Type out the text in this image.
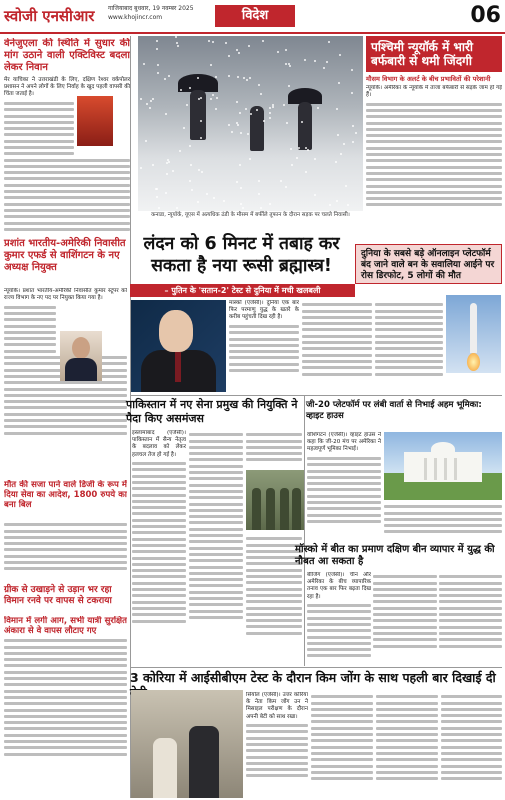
स्वोजी एनसीआर गाजियाबाद बुधवार, 19 नवम्बर 2025
www.khojincr.com	विदेश	06
वेनेजुएला की स्थिति में सुधार की मांग उठाने वाली एक्टिविस्ट बदला लेकर निवान
मेर याचिका ने उत्तराखंडी के लिए, दक्षिण रेश्वर वर्कपोलर प्रशासन ने अपने लोगों के लिए निर्वाह के खुद पहली वापसी की चिंता जताई है।
प्रशांत भारतीय-अमेरिकी निवासीत कुमार एफर्ड से वाशिंगटन के नए अध्यक्ष नियुक्त
न्यूयॉर्क। प्रशांत भारतीय-अमेरिकी निवासीत कुमार स्टूपर को राज्य विभाग के नए पद पर नियुक्त किया गया है।
मौत की सजा पाने वाले डिजी के रूप में दिया सेवा का आदेश, 1800 रुपये का बना बिल
ग्रीक से उखाड़ने से उड़ान भर रहा विमान रनवे पर वापस से टकराया
विमान में लगी आग, सभी यात्री सुरक्षित अंकारा से वे वापस लौटाए गए
कनाडा, न्यूयॉर्क, यूएस में अत्यधिक ठंडी के मौसम में बर्फीले तूफान के दौरान सड़क पर चलते निवासी।
पश्चिमी न्यूयॉर्क में भारी बर्फबारी से थमी जिंदगी
मौसम विभाग के अलर्ट के बीच प्रभावितों की परेशानी
न्यूयॉर्क। अमेरिका के न्यूयॉर्क में ताजा बर्फबारी से सड़कें जाम हो गई हैं।
दुनिया के सबसे बड़े ऑनलाइन प्लेटफॉर्म बंद जाने वाले बन के सवालिया आईने पर रोस डिरफोट, 5 लोगों की मौत
लंदन को 6 मिनट में तबाह कर सकता है नया रूसी ब्रह्मास्त्र!
– पुतिन के 'सतान-2' टेस्ट से दुनिया में मची खलबली
मास्को (एजेंसी)। दुनिया एक बार फिर परमाणु युद्ध के खतरे के करीब पहुंचती दिख रही है।
पाकिस्तान में नए सेना प्रमुख की नियुक्ति ने पैदा किए असमंजस
इस्लामाबाद (एजेंसी)। पाकिस्तान में सैन्य नेतृत्व के बदलाव को लेकर हलचल तेज हो गई है।
जी-20 प्लेटफॉर्म पर लंबी वार्ता से निभाई अहम भूमिका: व्हाइट हाउस
वॉशिंगटन (एजेंसी)। व्हाइट हाउस ने कहा कि जी-20 मंच पर अमेरिका ने महत्वपूर्ण भूमिका निभाई।
मॉस्को में बीत का प्रमाण दक्षिण बीन व्यापार में युद्ध की नौबत आ सकता है
बीजिंग (एजेंसी)। चीन और अमेरिका के बीच व्यापारिक तनाव एक बार फिर बढ़ता दिख रहा है।
3 कोरिया में आईसीबीएम टेस्ट के दौरान किम जोंग के साथ पहली बार दिखाई दी
सियोल (एजेंसी)। उत्तर कोरिया के नेता किम जोंग उन ने मिसाइल परीक्षण के दौरान अपनी बेटी को साथ रखा।
